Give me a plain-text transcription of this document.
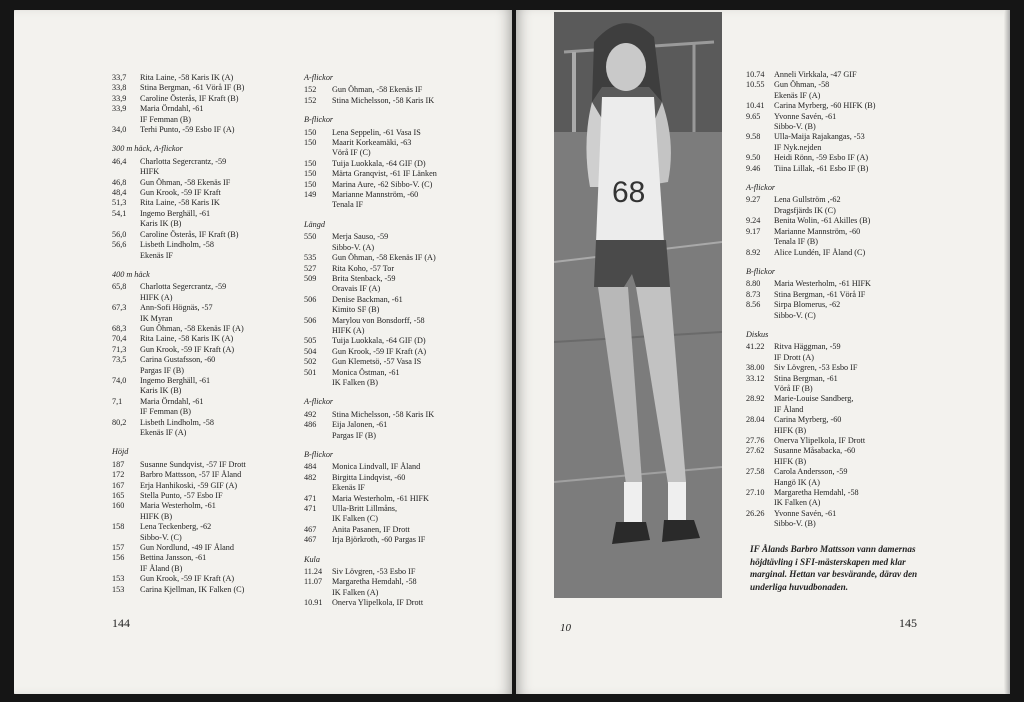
33,7	Rita Laine, -58 Karis IK (A)
33,8	Stina Bergman, -61 Vörå IF (B)
33,9	Caroline Österås, IF Kraft (B)
33,9	Maria Örndahl, -61
IF Femman (B)
34,0	Terhi Punto, -59 Esbo IF (A)
300 m häck, A-flickor
46,4	Charlotta Segercrantz, -59
HIFK
46,8	Gun Öhman, -58 Ekenäs IF
48,4	Gun Krook, -59 IF Kraft
51,3	Rita Laine, -58 Karis IK
54,1	Ingemo Berghäll, -61
Karis IK (B)
56,0	Caroline Österås, IF Kraft (B)
56,6	Lisbeth Lindholm, -58
Ekenäs IF
400 m häck
65,8	Charlotta Segercrantz, -59
HIFK (A)
67,3	Ann-Sofi Högnäs, -57
IK Myran
68,3	Gun Öhman, -58 Ekenäs IF (A)
70,4	Rita Laine, -58 Karis IK (A)
71,3	Gun Krook, -59 IF Kraft (A)
73,5	Carina Gustafsson, -60
Pargas IF (B)
74,0	Ingemo Berghäll, -61
Karis IK (B)
7,1	Maria Örndahl, -61
IF Femman (B)
80,2	Lisbeth Lindholm, -58
Ekenäs IF (A)
Höjd
187	Susanne Sundqvist, -57 IF Drott
172	Barbro Mattsson, -57 IF Åland
167	Erja Hanhikoski, -59 GIF (A)
165	Stella Punto, -57 Esbo IF
160	Maria Westerholm, -61
HIFK (B)
158	Lena Teckenberg, -62
Sibbo-V. (C)
157	Gun Nordlund, -49 IF Åland
156	Bettina Jansson, -61
IF Åland (B)
153	Gun Krook, -59 IF Kraft (A)
153	Carina Kjellman, IK Falken (C)
A-flickor
152	Gun Öhman, -58 Ekenäs IF
152	Stina Michelsson, -58 Karis IK
B-flickor
150	Lena Seppelin, -61 Vasa IS
150	Maarit Korkeamäki, -63
Vörå IF (C)
150	Tuija Luokkala, -64 GIF (D)
150	Märta Granqvist, -61 IF Länken
150	Marina Aure, -62 Sibbo-V. (C)
149	Marianne Mannström, -60
Tenala IF
Längd
550	Merja Sauso, -59
Sibbo-V. (A)
535	Gun Öhman, -58 Ekenäs IF (A)
527	Rita Koho, -57 Tor
509	Brita Stenback, -59
Oravais IF (A)
506	Denise Backman, -61
Kimito SF (B)
506	Marylou von Bonsdorff, -58
HIFK (A)
505	Tuija Luokkala, -64 GIF (D)
504	Gun Krook, -59 IF Kraft (A)
502	Gun Klemetsö, -57 Vasa IS
501	Monica Östman, -61
IK Falken (B)
A-flickor
492	Stina Michelsson, -58 Karis IK
486	Eija Jalonen, -61
Pargas IF (B)
B-flickor
484	Monica Lindvall, IF Åland
482	Birgitta Lindqvist, -60
Ekenäs IF
471	Maria Westerholm, -61 HIFK
471	Ulla-Britt Lillmåns,
IK Falken (C)
467	Anita Pasanen, IF Drott
467	Irja Björkroth, -60 Pargas IF
Kula
11.24	Siv Lövgren, -53 Esbo IF
11.07	Margaretha Hemdahl, -58
IK Falken (A)
10.91	Onerva Ylipelkola, IF Drott
144
68
10
10.74	Anneli Virkkala, -47 GIF
10.55	Gun Öhman, -58
Ekenäs IF (A)
10.41	Carina Myrberg, -60 HIFK (B)
9.65	Yvonne Savén, -61
Sibbo-V. (B)
9.58	Ulla-Maija Rajakangas, -53
IF Nyk.nejden
9.50	Heidi Rönn, -59 Esbo IF (A)
9.46	Tiina Lillak, -61 Esbo IF (B)
A-flickor
9.27	Lena Gullström ,-62
Dragsfjärds IK (C)
9.24	Benita Wolin, -61 Akilles (B)
9.17	Marianne Mannström, -60
Tenala IF (B)
8.92	Alice Lundén, IF Åland (C)
B-flickor
8.80	Maria Westerholm, -61 HIFK
8.73	Stina Bergman, -61 Vörå IF
8.56	Sirpa Blomerus, -62
Sibbo-V. (C)
Diskus
41.22	Ritva Häggman, -59
IF Drott (A)
38.00	Siv Lövgren, -53 Esbo IF
33.12	Stina Bergman, -61
Vörå IF (B)
28.92	Marie-Louise Sandberg,
IF Åland
28.04	Carina Myrberg, -60
HIFK (B)
27.76	Onerva Ylipelkola, IF Drott
27.62	Susanne Måsabacka, -60
HIFK (B)
27.58	Carola Andersson, -59
Hangö IK (A)
27.10	Margaretha Hemdahl, -58
IK Falken (A)
26.26	Yvonne Savén, -61
Sibbo-V. (B)
IF Ålands Barbro Mattsson vann damernas höjdtävling i SFI-mästerskapen med klar marginal. Hettan var besvärande, därav den underliga huvudbonaden.
145
